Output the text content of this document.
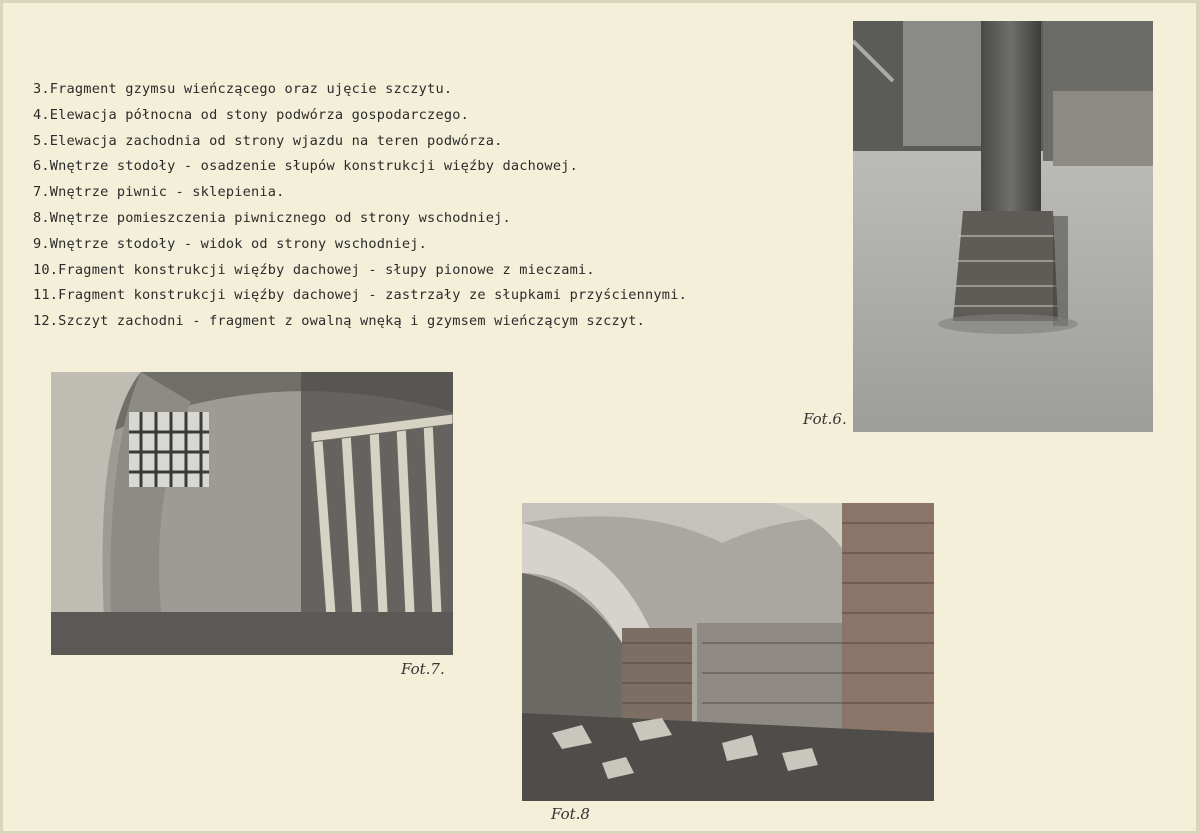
3.Fragment gzymsu wieńczącego oraz ujęcie szczytu.
4.Elewacja północna od stony podwórza gospodarczego.
5.Elewacja zachodnia od strony wjazdu na teren podwórza.
6.Wnętrze stodoły - osadzenie słupów konstrukcji więźby dachowej.
7.Wnętrze piwnic - sklepienia.
8.Wnętrze pomieszczenia piwnicznego od strony wschodniej.
9.Wnętrze stodoły - widok od strony wschodniej.
10.Fragment konstrukcji więźby dachowej - słupy pionowe z mieczami.
11.Fragment konstrukcji więźby dachowej - zastrzały ze słupkami przyściennymi.
12.Szczyt zachodni - fragment z owalną wnęką i gzymsem wieńczącym szczyt.
Fot.6.
Fot.7.
Fot.8
